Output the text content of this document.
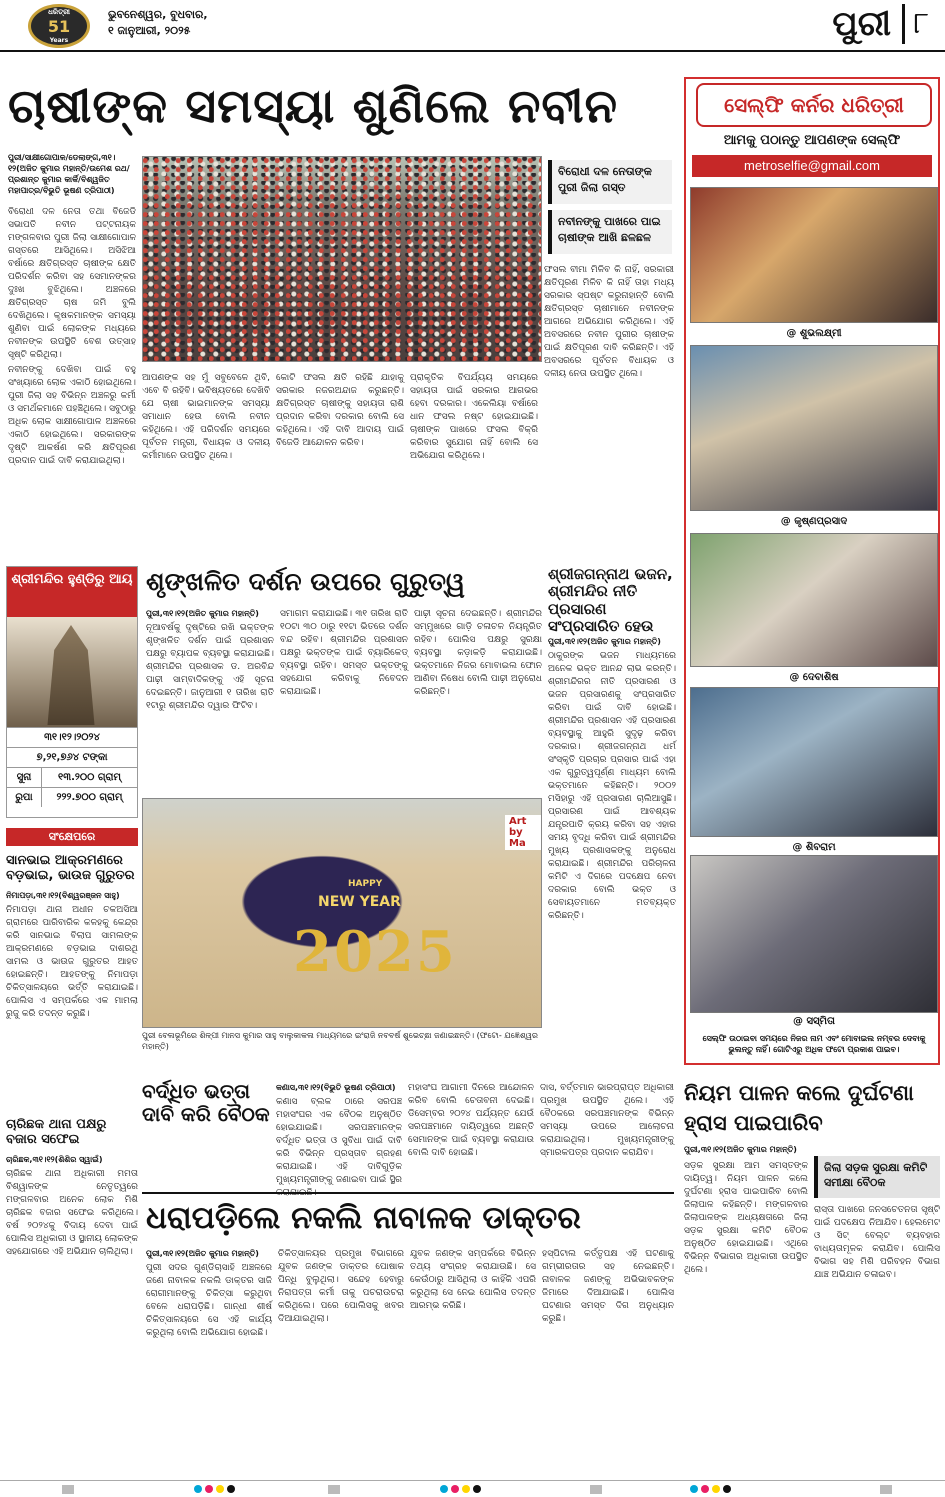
ଧରିତ୍ରୀ
51
Years
ଭୁବନେଶ୍ୱର, ବୁଧବାର,
୧ ଜାନୁଆରୀ, ୨୦୨୫	ପୁରୀ ୮
ଚାଷୀଙ୍କ ସମସ୍ୟା ଶୁଣିଲେ ନବୀନ
ପୁରୀ/ସାକ୍ଷୀଗୋପାଳ/ଡେଲାଙ୍ଗ,୩୧।୧୨(ଅଜିତ କୁମାର ମହାନ୍ତି/ଉମେଶ ରଥ/ପ୍ରଶାନ୍ତ କୁମାର କାର୍କି/ବିଶ୍ୱଜିତ ମହାପାତ୍ର/ବିଭୁତି ଭୂଷଣ ତ୍ରିପାଠୀ)

ବିରୋଧୀ ଦଳ ନେତା ତଥା ବିଜେଡି ସଭାପତି ନବୀନ ପଟ୍ଟନାୟକ ମଙ୍ଗଳବାର ପୁରୀ ଜିଲା ସାକ୍ଷୀଗୋପାଳ ଗସ୍ତରେ ଆସିଥିଲେ। ଅସିଝିଆ ବର୍ଷାରେ କ୍ଷତିଗ୍ରସ୍ତ ଚାଷୀଙ୍କ କ୍ଷେତି ପରିଦର୍ଶନ କରିବା ସହ ସେମାନଙ୍କର ଦୁଃଖ ବୁଝିଥିଲେ। ଅଞ୍ଚଳରେ କ୍ଷତିଗ୍ରସ୍ତ ଚାଷ ଜମି ବୁଲି ଦେଖିଥିଲେ। କୃଷକମାନଙ୍କ ସମସ୍ୟା ଶୁଣିବା ପାଇଁ ଲୋକଙ୍କ ମଧ୍ୟରେ ନବୀନଙ୍କ ଉପସ୍ଥିତି ବେଶ ଉତ୍ସାହ ସୃଷ୍ଟି କରିଥିଲା।

ନବୀନଙ୍କୁ ଦେଖିବା ପାଇଁ ବହୁ ସଂଖ୍ୟାରେ ଲୋକ ଏକାଠି ହୋଇଥିଲେ। ପୁରୀ ଜିଲା ସହ ବିଭିନ୍ନ ଅଞ୍ଚଳରୁ କର୍ମୀ ଓ ସମର୍ଥକମାନେ ପହଞ୍ଚିଥିଲେ। ସବୁଠାରୁ ଅଧିକ ଲୋକ ସାକ୍ଷୀଗୋପାଳ ଅଞ୍ଚଳରେ ଏକାଠି ହୋଇଥିଲେ। ସରକାରଙ୍କ ଦୃଷ୍ଟି ଆକର୍ଷଣ କରି କ୍ଷତିପୂରଣ ପ୍ରଦାନ ପାଇଁ ଦାବି କରାଯାଇଥିଲା।

ବିରୋଧୀ ଦଳ ନେତାଙ୍କ ପୁରୀ ଜିଲା ଗସ୍ତ
ନବୀନଙ୍କୁ ପାଖରେ ପାଇ ଚାଷୀଙ୍କ ଆଖି ଛଳଛଳ
ଫସଲ ବୀମା ମିଳିବ କି ନାହିଁ, ସରକାରୀ କ୍ଷତିପୂରଣ ମିଳିବ କି ନାହିଁ ତାହା ମଧ୍ୟ ସରକାର ସ୍ପଷ୍ଟ କରୁନାହାନ୍ତି ବୋଲି କ୍ଷତିଗ୍ରସ୍ତ ଚାଷୀମାନେ ନବୀନଙ୍କ ଆଗରେ ଅଭିଯୋଗ କରିଥିଲେ। ଏହି ଅବସରରେ ନବୀନ ପୁରୀର ଚାଷୀଙ୍କ ପାଇଁ କ୍ଷତିପୂରଣ ଦାବି କରିଛନ୍ତି। ଏହି ଅବସରରେ ପୂର୍ବତନ ବିଧାୟକ ଓ ଦଳୀୟ ନେତା ଉପସ୍ଥିତ ଥିଲେ।
ଆପଣଙ୍କ ସହ ମୁଁ ସବୁବେଳେ ଥିବି, ଏବେ ବି ରହିବି। ଭବିଷ୍ୟତରେ ଦେଖିବି ଯେ ଚାଷୀ ଭାଇମାନଙ୍କ ସମସ୍ୟା ସମାଧାନ ହେଉ ବୋଲି ନବୀନ କହିଥିଲେ। ଏହି ପରିଦର୍ଶନ ସମୟରେ ପୂର୍ବତନ ମନ୍ତ୍ରୀ, ବିଧାୟକ ଓ ଦଳୀୟ କର୍ମୀମାନେ ଉପସ୍ଥିତ ଥିଲେ।
କୋଟି ଫସଲ କ୍ଷତି ରହିଛି ଯାହାକୁ ସରକାର ନଜରଅନ୍ଦାଜ କରୁଛନ୍ତି। କ୍ଷତିଗ୍ରସ୍ତ ଚାଷୀଙ୍କୁ ସହାୟତା ରାଶି ପ୍ରଦାନ କରିବା ଦରକାର ବୋଲି ସେ କହିଥିଲେ। ଏହି ଦାବି ଆଦାୟ ପାଇଁ ବିଜେଡି ଆନ୍ଦୋଳନ କରିବ।
ପ୍ରାକୃତିକ ବିପର୍ଯ୍ୟୟ ସମୟରେ ସହାୟତା ପାଇଁ ସରକାର ଆଗଭର ହେବା ଦରକାର। ଏକେଲିୟା ବର୍ଷାରେ ଧାନ ଫସଲ ନଷ୍ଟ ହୋଇଯାଇଛି। ଚାଷୀଙ୍କ ପାଖରେ ଫସଲ ବିକ୍ରି କରିବାର ସୁଯୋଗ ନାହିଁ ବୋଲି ସେ ଅଭିଯୋଗ କରିଥିଲେ।
ଶ୍ରୀମନ୍ଦିର ହୁଣ୍ଡିରୁ ଆୟ
୩୧।୧୨।୨୦୨୪
୭,୨୧,୭୬୪ ଟଙ୍କା
ସୁନା	୧୩.୨୦୦ ଗ୍ରାମ୍
ରୁପା	୨୨୨.୭୦୦ ଗ୍ରାମ୍
ସଂକ୍ଷେପରେ
ସାନଭାଇ ଆକ୍ରମଣରେ ବଡ଼ଭାଇ, ଭାଉଜ ଗୁରୁତର
ନିମାପଡ଼ା,୩୧।୧୨(ବିଶ୍ୱରଞ୍ଜନ ସାହୁ)
ନିମାପଡ଼ା ଥାନା ଅଧୀନ ଚକଅସିଆ ଗ୍ରାମରେ ପାରିବାରିକ କଳହକୁ କେନ୍ଦ୍ର କରି ସାନଭାଇ ବିଲାପ ସାମଲଙ୍କ ଆକ୍ରମଣରେ ବଡ଼ଭାଇ ଦାଶରଥି ସାମଲ ଓ ଭାଉଜ ଗୁରୁତର ଆହତ ହୋଇଛନ୍ତି। ଆହତଙ୍କୁ ନିମାପଡ଼ା ଚିକିତ୍ସାଳୟରେ ଭର୍ତ୍ତି କରାଯାଇଛି। ପୋଲିସ ଏ ସମ୍ପର୍କରେ ଏକ ମାମଲା ରୁଜୁ କରି ତଦନ୍ତ କରୁଛି।
ଚାରିଛକ ଥାନା ପକ୍ଷରୁ ବଜାର ସଫେଇ
ଚାରିଛକ,୩୧।୧୨(ଶିଶିର ସ୍ୱାଇଁ)
ଚାରିଛକ ଥାନା ଅଧିକାରୀ ମମତା ବିଶ୍ୱାଳଙ୍କ ନେତୃତ୍ୱରେ ମଙ୍ଗଳବାର ଅନେକ ଲୋକ ମିଶି ଚାରିଛକ ବଜାର ସଫେଇ କରିଥିଲେ। ବର୍ଷ ୨୦୨୪କୁ ବିଦାୟ ଦେବା ପାଇଁ ପୋଲିସ ଅଧିକାରୀ ଓ ସ୍ଥାନୀୟ ଲୋକଙ୍କ ସହଯୋଗରେ ଏହି ଅଭିଯାନ ଚାଲିଥିଲା।
ଶୃଙ୍ଖଳିତ ଦର୍ଶନ ଉପରେ ଗୁରୁତ୍ୱ
ପୁରୀ,୩୧।୧୨(ଅଜିତ କୁମାର ମହାନ୍ତି)
ନୂଆବର୍ଷକୁ ଦୃଷ୍ଟିରେ ରଖି ଭକ୍ତଙ୍କ ଶୃଙ୍ଖଳିତ ଦର୍ଶନ ପାଇଁ ପ୍ରଶାସନ ପକ୍ଷରୁ ବ୍ୟାପକ ବ୍ୟବସ୍ଥା କରାଯାଇଛି। ଶ୍ରୀମନ୍ଦିର ପ୍ରଶାସକ ଡ. ଅରବିନ୍ଦ ପାଢ଼ୀ ସାମ୍ବାଦିକଙ୍କୁ ଏହି ସୂଚନା ଦେଇଛନ୍ତି। ଜାନୁଆରୀ ୧ ତାରିଖ ରାତି ୧ଟାରୁ ଶ୍ରୀମନ୍ଦିର ଦ୍ୱାର ଫିଟିବ।
ସମାଗମ କରାଯାଇଛି। ୩୧ ତାରିଖ ରାତି ୧୦ଟା ୩୦ ଠାରୁ ୧୧ଟା ଭିତରେ ଦର୍ଶନ ବନ୍ଦ ରହିବ। ଶ୍ରୀମନ୍ଦିର ପ୍ରଶାସନ ପକ୍ଷରୁ ଭକ୍ତଙ୍କ ପାଇଁ ବ୍ୟାରିକେଡ୍ ବ୍ୟବସ୍ଥା ରହିବ। ସମସ୍ତ ଭକ୍ତଙ୍କୁ ସହଯୋଗ କରିବାକୁ ନିବେଦନ କରାଯାଇଛି।
ପାଢ଼ୀ ସୂଚନା ଦେଇଛନ୍ତି। ଶ୍ରୀମନ୍ଦିର ସମ୍ମୁଖରେ ଗାଡ଼ି ଚଳାଚଳ ନିୟନ୍ତ୍ରିତ ରହିବ। ପୋଲିସ ପକ୍ଷରୁ ସୁରକ୍ଷା ବ୍ୟବସ୍ଥା କଡ଼ାକଡ଼ି କରାଯାଇଛି। ଭକ୍ତମାନେ ନିଜର ମୋବାଇଲ ଫୋନ ଆଣିବା ନିଷେଧ ବୋଲି ପାଢ଼ୀ ଅନୁରୋଧ କରିଛନ୍ତି।
ଶ୍ରୀଜଗନ୍ନାଥ ଭଜନ, ଶ୍ରୀମନ୍ଦିର ନୀତି ପ୍ରସାରଣ ସଂପ୍ରସାରିତ ହେଉ
ପୁରୀ,୩୧।୧୨(ଅଜିତ କୁମାର ମହାନ୍ତି)
ଠାକୁରଙ୍କ ଭଜନ ମାଧ୍ୟମରେ ଅନେକ ଭକ୍ତ ଆନନ୍ଦ ଲାଭ କରନ୍ତି। ଶ୍ରୀମନ୍ଦିରର ନୀତି ପ୍ରସାରଣ ଓ ଭଜନ ପ୍ରସାରଣକୁ ସଂପ୍ରସାରିତ କରିବା ପାଇଁ ଦାବି ହୋଇଛି। ଶ୍ରୀମନ୍ଦିର ପ୍ରଶାସନ ଏହି ପ୍ରସାରଣ ବ୍ୟବସ୍ଥାକୁ ଆହୁରି ସୁଦୃଢ଼ କରିବା ଦରକାର। ଶ୍ରୀଜଗନ୍ନାଥ ଧର୍ମ ସଂସ୍କୃତି ପ୍ରଚାର ପ୍ରସାର ପାଇଁ ଏହା ଏକ ଗୁରୁତ୍ୱପୂର୍ଣ୍ଣ ମାଧ୍ୟମ ବୋଲି ଭକ୍ତମାନେ କହିଛନ୍ତି। ୨୦୦୨ ମସିହାରୁ ଏହି ପ୍ରସାରଣ ଚାଲିଆସୁଛି। ପ୍ରସାରଣ ପାଇଁ ଆବଶ୍ୟକ ଯନ୍ତ୍ରପାତି କ୍ରୟ କରିବା ସହ ଏହାର ସମୟ ବୃଦ୍ଧି କରିବା ପାଇଁ ଶ୍ରୀମନ୍ଦିର ମୁଖ୍ୟ ପ୍ରଶାସକଙ୍କୁ ଅନୁରୋଧ କରାଯାଇଛି। ଶ୍ରୀମନ୍ଦିର ପରିଚାଳନା କମିଟି ଏ ଦିଗରେ ପଦକ୍ଷେପ ନେବା ଦରକାର ବୋଲି ଭକ୍ତ ଓ ସେବାୟତମାନେ ମତବ୍ୟକ୍ତ କରିଛନ୍ତି।
Art by Ma
HAPPY
NEW YEAR
2025
ପୁରୀ ବେଳାଭୂମିରେ ଶିଳ୍ପୀ ମାନସ କୁମାର ସାହୁ ବାଲୁକାକଳା ମାଧ୍ୟମରେ ଇଂରାଜି ନବବର୍ଷ ଶୁଭେଚ୍ଛା ଜଣାଇଛନ୍ତି। (ଫଟୋ- ଯଜ୍ଞେଶ୍ୱର ମହାନ୍ତି)
ବର୍ଦ୍ଧିତ ଭତ୍ତା ଦାବି କରି ବୈଠକ
କଣାସ,୩୧।୧୨(ବିଭୁତି ଭୂଷଣ ତ୍ରିପାଠୀ)
କଣାସ ବ୍ଲକ ଠାରେ ସରପଞ୍ଚ ମହାସଂଘର ଏକ ବୈଠକ ଅନୁଷ୍ଠିତ ହୋଇଯାଇଛି। ସରପଞ୍ଚମାନଙ୍କ ବର୍ଦ୍ଧିତ ଭତ୍ତା ଓ ସୁବିଧା ପାଇଁ ଦାବି କରି ବିଭିନ୍ନ ପ୍ରସ୍ତାବ ଗ୍ରହଣ କରାଯାଇଛି। ଏହି ଦାବିଗୁଡ଼ିକ ମୁଖ୍ୟମନ୍ତ୍ରୀଙ୍କୁ ଜଣାଇବା ପାଇଁ ସ୍ଥିର
ମହାସଂଘ ଆଗାମୀ ଦିନରେ ଆନ୍ଦୋଳନ କରିବ ବୋଲି ଚେତାବନୀ ଦେଇଛି। ଡିସେମ୍ବର ୨୦୨୪ ପର୍ଯ୍ୟନ୍ତ ଯେଉଁ ସରପଞ୍ଚମାନେ ଦାୟିତ୍ୱରେ ଅଛନ୍ତି ସେମାନଙ୍କ ପାଇଁ ବ୍ୟବସ୍ଥା କରାଯାଉ ବୋଲି ଦାବି ହୋଇଛି।
ଦାସ, ବର୍ତ୍ତମାନ ଭାରପ୍ରାପ୍ତ ଅଧିକାରୀ ପ୍ରମୁଖ ଉପସ୍ଥିତ ଥିଲେ। ଏହି ବୈଠକରେ ସରପଞ୍ଚମାନଙ୍କ ବିଭିନ୍ନ ସମସ୍ୟା ଉପରେ ଆଲୋଚନା କରାଯାଇଥିଲା। ମୁଖ୍ୟମନ୍ତ୍ରୀଙ୍କୁ ସ୍ମାରକପତ୍ର ପ୍ରଦାନ କରାଯିବ।
ଧରାପଡ଼ିଲେ ନକଲି ନାବାଳକ ଡାକ୍ତର
ପୁରୀ,୩୧।୧୨(ଅଜିତ କୁମାର ମହାନ୍ତି)
ପୁରୀ ସଦର ଗୁଣ୍ଡିଚାସାହି ଅଞ୍ଚଳରେ ଜଣେ ନାବାଳକ ନକଲି ଡାକ୍ତର ସାଜି ରୋଗୀମାନଙ୍କୁ ଚିକିତ୍ସା କରୁଥିବା ବେଳେ ଧରାପଡ଼ିଛି। ଗାନ୍ଧୀ ଶୀର୍ଷ ଚିକିତ୍ସାଳୟରେ ସେ ଏହି କାର୍ଯ୍ୟ କରୁଥିଲା ବୋଲି ଅଭିଯୋଗ ହୋଇଛି।
ଚିକିତ୍ସାଳୟର ପ୍ରମୁଖ ବିଭାଗରେ ଯୁବକ ଜଣଙ୍କ ଡାକ୍ତର ପୋଷାକ ପିନ୍ଧି ବୁଲୁଥିଲା। ସନ୍ଦେହ ହେବାରୁ ନିରାପତ୍ତା କର୍ମୀ ତାକୁ ପଚରାଉଚରା କରିଥିଲେ। ପରେ ପୋଲିସକୁ ଖବର ଦିଆଯାଇଥିଲା।
ଯୁବକ ଜଣଙ୍କ ସମ୍ପର୍କରେ ବିଭିନ୍ନ ତଥ୍ୟ ସଂଗ୍ରହ କରାଯାଉଛି। ସେ କେଉଁଠାରୁ ଆସିଥିଲା ଓ କାହିଁକି ଏପରି କରୁଥିଲା ସେ ନେଇ ପୋଲିସ ତଦନ୍ତ ଆରମ୍ଭ କରିଛି।
ହସ୍ପିଟାଲ କର୍ତ୍ତୃପକ୍ଷ ଏହି ଘଟଣାକୁ ଗମ୍ଭୀରତାର ସହ ନେଇଛନ୍ତି। ନାବାଳକ ଜଣଙ୍କୁ ଅଭିଭାବକଙ୍କ ଜିମାରେ ଦିଆଯାଇଛି। ପୋଲିସ ଘଟଣାର ସମସ୍ତ ଦିଗ ଅନୁଧ୍ୟାନ କରୁଛି।
ସେଲ୍ଫି କର୍ନର ଧରିତ୍ରୀ
ଆମକୁ ପଠାନ୍ତୁ ଆପଣଙ୍କ ସେଲ୍ଫି
metroselfie@gmail.com
@ ଶୁଭଲକ୍ଷ୍ମୀ
@ କୃଷ୍ଣପ୍ରସାଦ
@ ଦେବାଶିଷ
@ ଶିବରାମ
@ ସସ୍ମିତା
ସେଲ୍ଫି ଉଠାଇବା ସମୟରେ ନିଜର ନାମ ଏବଂ ମୋବାଇଲ ନମ୍ବର ଦେବାକୁ ଭୁଲନ୍ତୁ ନାହିଁ। ଗୋଟିଏରୁ ଅଧିକ ଫଟୋ ପ୍ରକାଶ ପାଇବ।
ନିୟମ ପାଳନ କଲେ ଦୁର୍ଘଟଣା ହ୍ରାସ ପାଇପାରିବ
ପୁରୀ,୩୧।୧୨(ଅଜିତ କୁମାର ମହାନ୍ତି)
ସଡ଼କ ସୁରକ୍ଷା ଆମ ସମସ୍ତଙ୍କ ଦାୟିତ୍ୱ। ନିୟମ ପାଳନ କଲେ ଦୁର୍ଘଟଣା ହ୍ରାସ ପାଇପାରିବ ବୋଲି ଜିଲାପାଳ କହିଛନ୍ତି। ମଙ୍ଗଳବାର ଜିଲାପାଳଙ୍କ ଅଧ୍ୟକ୍ଷତାରେ ଜିଲା ସଡ଼କ ସୁରକ୍ଷା କମିଟି ବୈଠକ ଅନୁଷ୍ଠିତ ହୋଇଯାଇଛି। ଏଥିରେ ବିଭିନ୍ନ ବିଭାଗର ଅଧିକାରୀ ଉପସ୍ଥିତ ଥିଲେ।
ଜିଲା ସଡ଼କ ସୁରକ୍ଷା କମିଟି ସମୀକ୍ଷା ବୈଠକ
ରାସ୍ତା ପାଖରେ ଜନସଚେତନତା ସୃଷ୍ଟି ପାଇଁ ପଦକ୍ଷେପ ନିଆଯିବ। ହେଲମେଟ ଓ ସିଟ୍ ବେଲ୍ଟ ବ୍ୟବହାର ବାଧ୍ୟତାମୂଳକ କରାଯିବ। ପୋଲିସ ବିଭାଗ ସହ ମିଶି ପରିବହନ ବିଭାଗ ଯାଞ୍ଚ ଅଭିଯାନ ଚଳାଇବ।
